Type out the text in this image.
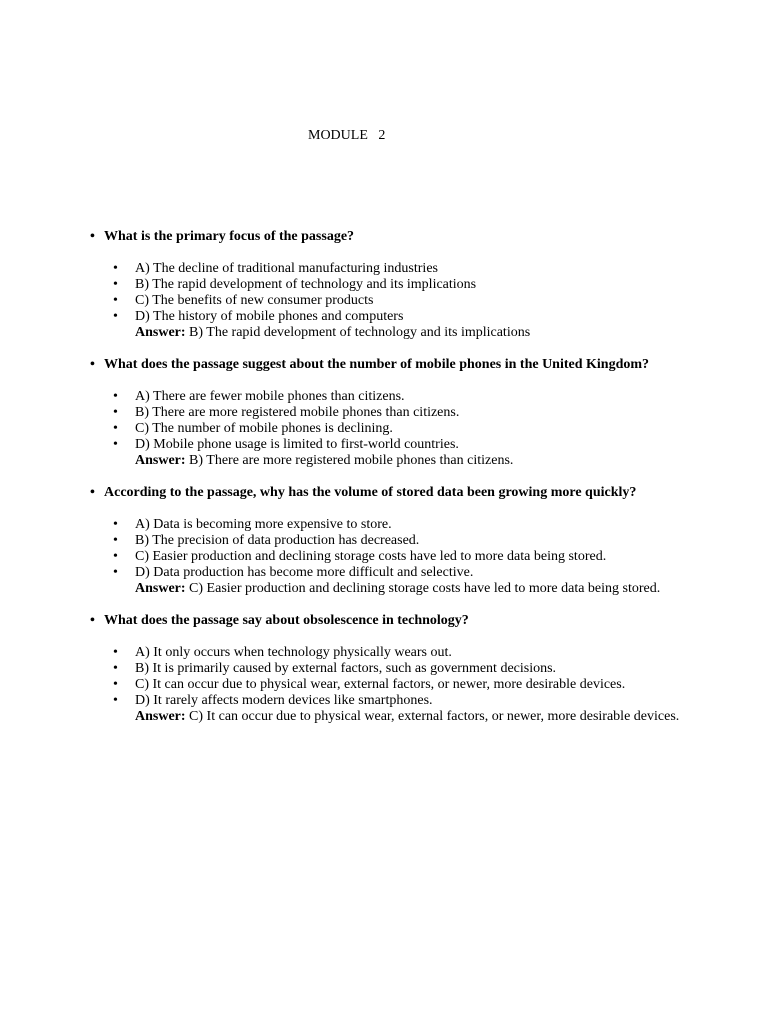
MODULE   2

• What is the primary focus of the passage?

• A) The decline of traditional manufacturing industries
• B) The rapid development of technology and its implications
• C) The benefits of new consumer products
• D) The history of mobile phones and computers

Answer: B) The rapid development of technology and its implications

• What does the passage suggest about the number of mobile phones in the United Kingdom?

• A) There are fewer mobile phones than citizens.
• B) There are more registered mobile phones than citizens.
• C) The number of mobile phones is declining.
• D) Mobile phone usage is limited to first-world countries.

Answer: B) There are more registered mobile phones than citizens.

• According to the passage, why has the volume of stored data been growing more quickly?

• A) Data is becoming more expensive to store.
• B) The precision of data production has decreased.
• C) Easier production and declining storage costs have led to more data being stored.
• D) Data production has become more difficult and selective.

Answer: C) Easier production and declining storage costs have led to more data being stored.

• What does the passage say about obsolescence in technology?

• A) It only occurs when technology physically wears out.
• B) It is primarily caused by external factors, such as government decisions.
• C) It can occur due to physical wear, external factors, or newer, more desirable devices.
• D) It rarely affects modern devices like smartphones.

Answer: C) It can occur due to physical wear, external factors, or newer, more desirable devices.
